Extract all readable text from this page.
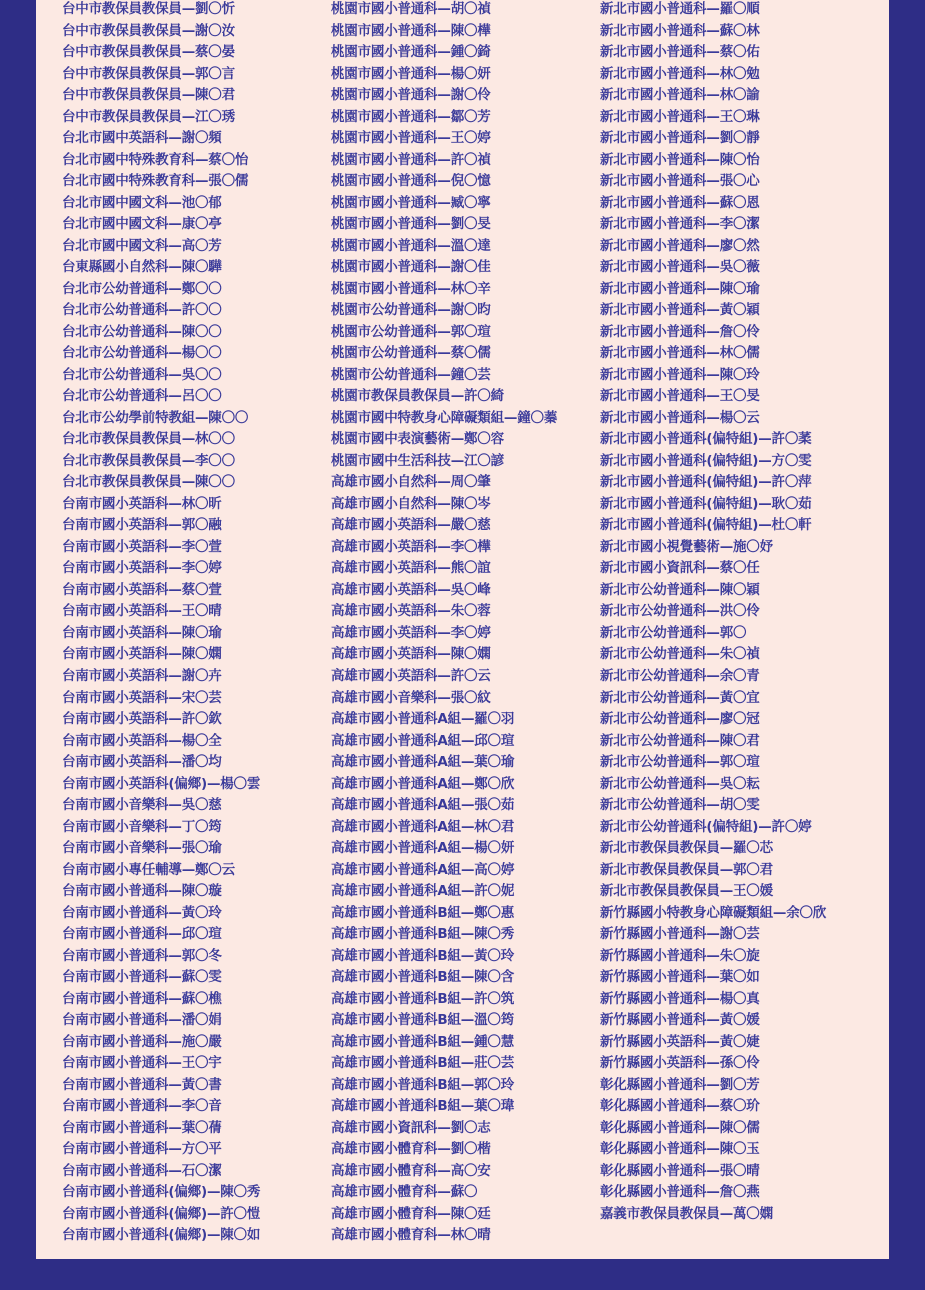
台中市教保員教保員—劉〇忻
台中市教保員教保員—謝〇汝
台中市教保員教保員—蔡〇晏
台中市教保員教保員—郭〇言
台中市教保員教保員—陳〇君
台中市教保員教保員—江〇琇
台北市國中英語科—謝〇頻
台北市國中特殊教育科—蔡〇怡
台北市國中特殊教育科—張〇儒
台北市國中國文科—池〇郁
台北市國中國文科—康〇亭
台北市國中國文科—高〇芳
台東縣國小自然科—陳〇驊
台北市公幼普通科—鄭〇〇
台北市公幼普通科—許〇〇
台北市公幼普通科—陳〇〇
台北市公幼普通科—楊〇〇
台北市公幼普通科—吳〇〇
台北市公幼普通科—呂〇〇
台北市公幼學前特教組—陳〇〇
台北市教保員教保員—林〇〇
台北市教保員教保員—李〇〇
台北市教保員教保員—陳〇〇
台南市國小英語科—林〇昕
台南市國小英語科—郭〇融
台南市國小英語科—李〇萱
台南市國小英語科—李〇婷
台南市國小英語科—蔡〇萱
台南市國小英語科—王〇晴
台南市國小英語科—陳〇瑜
台南市國小英語科—陳〇嫻
台南市國小英語科—謝〇卉
台南市國小英語科—宋〇芸
台南市國小英語科—許〇欽
台南市國小英語科—楊〇全
台南市國小英語科—潘〇均
台南市國小英語科(偏鄉)—楊〇雲
台南市國小音樂科—吳〇慈
台南市國小音樂科—丁〇筠
台南市國小音樂科—張〇瑜
台南市國小專任輔導—鄭〇云
台南市國小普通科—陳〇璇
台南市國小普通科—黃〇玲
台南市國小普通科—邱〇瑄
台南市國小普通科—郭〇冬
台南市國小普通科—蘇〇雯
台南市國小普通科—蘇〇樵
台南市國小普通科—潘〇娟
台南市國小普通科—施〇嚴
台南市國小普通科—王〇宇
台南市國小普通科—黃〇書
台南市國小普通科—李〇音
台南市國小普通科—葉〇蒨
台南市國小普通科—方〇平
台南市國小普通科—石〇潔
台南市國小普通科(偏鄉)—陳〇秀
台南市國小普通科(偏鄉)—許〇愷
台南市國小普通科(偏鄉)—陳〇如
桃園市國小普通科—胡〇禎
桃園市國小普通科—陳〇樺
桃園市國小普通科—鍾〇錡
桃園市國小普通科—楊〇妍
桃園市國小普通科—謝〇伶
桃園市國小普通科—鄒〇芳
桃園市國小普通科—王〇婷
桃園市國小普通科—許〇禎
桃園市國小普通科—倪〇憶
桃園市國小普通科—臧〇寧
桃園市國小普通科—劉〇旻
桃園市國小普通科—溫〇達
桃園市國小普通科—謝〇佳
桃園市國小普通科—林〇辛
桃園市公幼普通科—謝〇昀
桃園市公幼普通科—郭〇瑄
桃園市公幼普通科—蔡〇儒
桃園市公幼普通科—鐘〇芸
桃園市教保員教保員—許〇綺
桃園市國中特教身心障礙類組—鐘〇蓁
桃園市國中表演藝術—鄭〇容
桃園市國中生活科技—江〇諺
高雄市國小自然科—周〇肇
高雄市國小自然科—陳〇岑
高雄市國小英語科—嚴〇慈
高雄市國小英語科—李〇樺
高雄市國小英語科—熊〇誼
高雄市國小英語科—吳〇峰
高雄市國小英語科—朱〇蓉
高雄市國小英語科—李〇婷
高雄市國小英語科—陳〇嫻
高雄市國小英語科—許〇云
高雄市國小音樂科—張〇紋
高雄市國小普通科A組—羅〇羽
高雄市國小普通科A組—邱〇瑄
高雄市國小普通科A組—葉〇瑜
高雄市國小普通科A組—鄭〇欣
高雄市國小普通科A組—張〇茹
高雄市國小普通科A組—林〇君
高雄市國小普通科A組—楊〇妍
高雄市國小普通科A組—高〇婷
高雄市國小普通科A組—許〇妮
高雄市國小普通科B組—鄭〇惠
高雄市國小普通科B組—陳〇秀
高雄市國小普通科B組—黃〇玲
高雄市國小普通科B組—陳〇含
高雄市國小普通科B組—許〇筑
高雄市國小普通科B組—溫〇筠
高雄市國小普通科B組—鍾〇慧
高雄市國小普通科B組—莊〇芸
高雄市國小普通科B組—郭〇玲
高雄市國小普通科B組—葉〇瑋
高雄市國小資訊科—劉〇志
高雄市國小體育科—劉〇楷
高雄市國小體育科—高〇安
高雄市國小體育科—蘇〇
高雄市國小體育科—陳〇廷
高雄市國小體育科—林〇晴
新北市國小普通科—羅〇順
新北市國小普通科—蘇〇林
新北市國小普通科—蔡〇佑
新北市國小普通科—林〇勉
新北市國小普通科—林〇諭
新北市國小普通科—王〇琳
新北市國小普通科—劉〇靜
新北市國小普通科—陳〇怡
新北市國小普通科—張〇心
新北市國小普通科—蘇〇恩
新北市國小普通科—李〇潔
新北市國小普通科—廖〇然
新北市國小普通科—吳〇薇
新北市國小普通科—陳〇瑜
新北市國小普通科—黃〇穎
新北市國小普通科—詹〇伶
新北市國小普通科—林〇儒
新北市國小普通科—陳〇玲
新北市國小普通科—王〇旻
新北市國小普通科—楊〇云
新北市國小普通科(偏特組)—許〇葇
新北市國小普通科(偏特組)—方〇雯
新北市國小普通科(偏特組)—許〇萍
新北市國小普通科(偏特組)—耿〇茹
新北市國小普通科(偏特組)—杜〇軒
新北市國小視覺藝術—施〇妤
新北市國小資訊科—蔡〇任
新北市公幼普通科—陳〇穎
新北市公幼普通科—洪〇伶
新北市公幼普通科—郭〇
新北市公幼普通科—朱〇禎
新北市公幼普通科—余〇青
新北市公幼普通科—黃〇宜
新北市公幼普通科—廖〇冠
新北市公幼普通科—陳〇君
新北市公幼普通科—郭〇瑄
新北市公幼普通科—吳〇耘
新北市公幼普通科—胡〇雯
新北市公幼普通科(偏特組)—許〇婷
新北市教保員教保員—羅〇芯
新北市教保員教保員—郭〇君
新北市教保員教保員—王〇媛
新竹縣國小特教身心障礙類組—余〇欣
新竹縣國小普通科—謝〇芸
新竹縣國小普通科—朱〇旋
新竹縣國小普通科—葉〇如
新竹縣國小普通科—楊〇真
新竹縣國小普通科—黃〇媛
新竹縣國小英語科—黃〇婕
新竹縣國小英語科—孫〇伶
彰化縣國小普通科—劉〇芳
彰化縣國小普通科—蔡〇玠
彰化縣國小普通科—陳〇儒
彰化縣國小普通科—陳〇玉
彰化縣國小普通科—張〇晴
彰化縣國小普通科—詹〇燕
嘉義市教保員教保員—萬〇嫻
